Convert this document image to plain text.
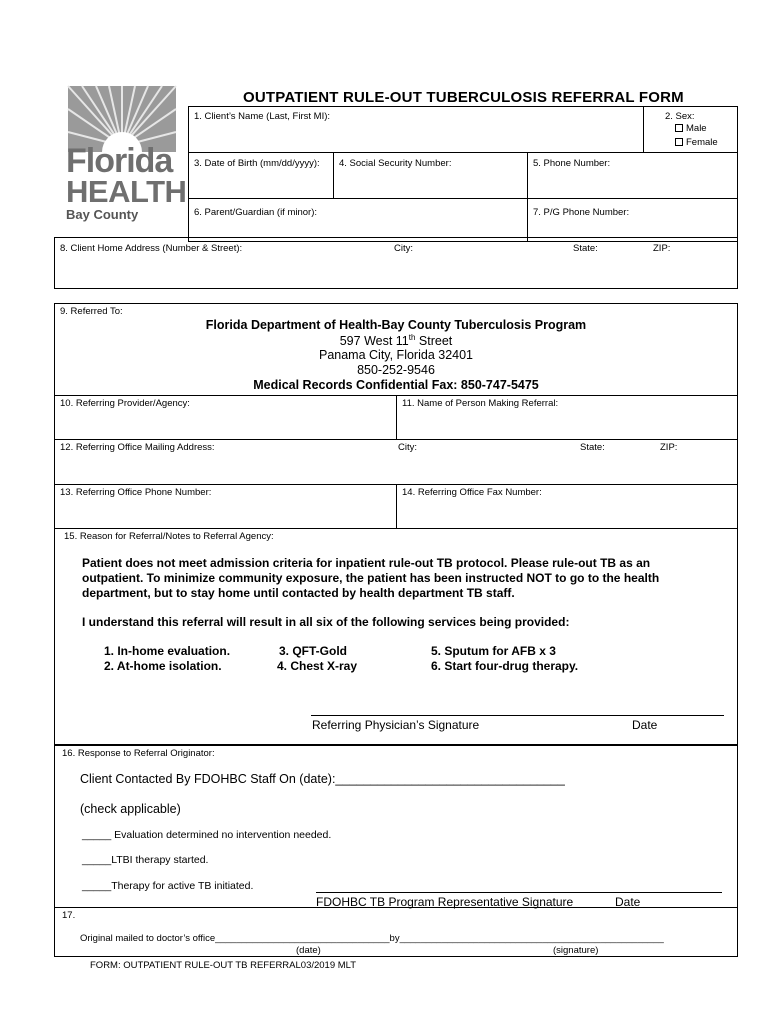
Florida
HEALTH
Bay County
OUTPATIENT RULE-OUT TUBERCULOSIS REFERRAL FORM
1. Client’s Name (Last, First MI):	2. Sex:
Male
Female
3. Date of Birth (mm/dd/yyyy): 4. Social Security Number:	5. Phone Number:
6. Parent/Guardian (if minor):	7. P/G Phone Number:
8. Client Home Address (Number & Street):	City:	State:	ZIP:
9. Referred To:
Florida Department of Health-Bay County Tuberculosis Program
597 West 11th Street
Panama City, Florida 32401
850-252-9546
Medical Records Confidential Fax: 850-747-5475
10. Referring Provider/Agency:	11. Name of Person Making Referral:
12. Referring Office Mailing Address:	City:	State:	ZIP:
13. Referring Office Phone Number:	14. Referring Office Fax Number:
15. Reason for Referral/Notes to Referral Agency:
Patient does not meet admission criteria for inpatient rule-out TB protocol. Please rule-out TB as an
outpatient. To minimize community exposure, the patient has been instructed NOT to go to the health
department, but to stay home until contacted by health department TB staff.
I understand this referral will result in all six of the following services being provided:
1. In-home evaluation.
2. At-home isolation.
3. QFT-Gold
4. Chest X-ray
5. Sputum for AFB x 3
6. Start four-drug therapy.
Referring Physician’s Signature	Date
16. Response to Referral Originator:
Client Contacted By FDOHBC Staff On (date):_________________________________
(check applicable)
_____ Evaluation determined no intervention needed.
_____LTBI therapy started.
_____Therapy for active TB initiated.
FDOHBC TB Program Representative Signature	Date
17.
Original mailed to doctor’s office_________________________________by__________________________________________________
(date)	(signature)
FORM: OUTPATIENT RULE-OUT TB REFERRAL03/2019 MLT
